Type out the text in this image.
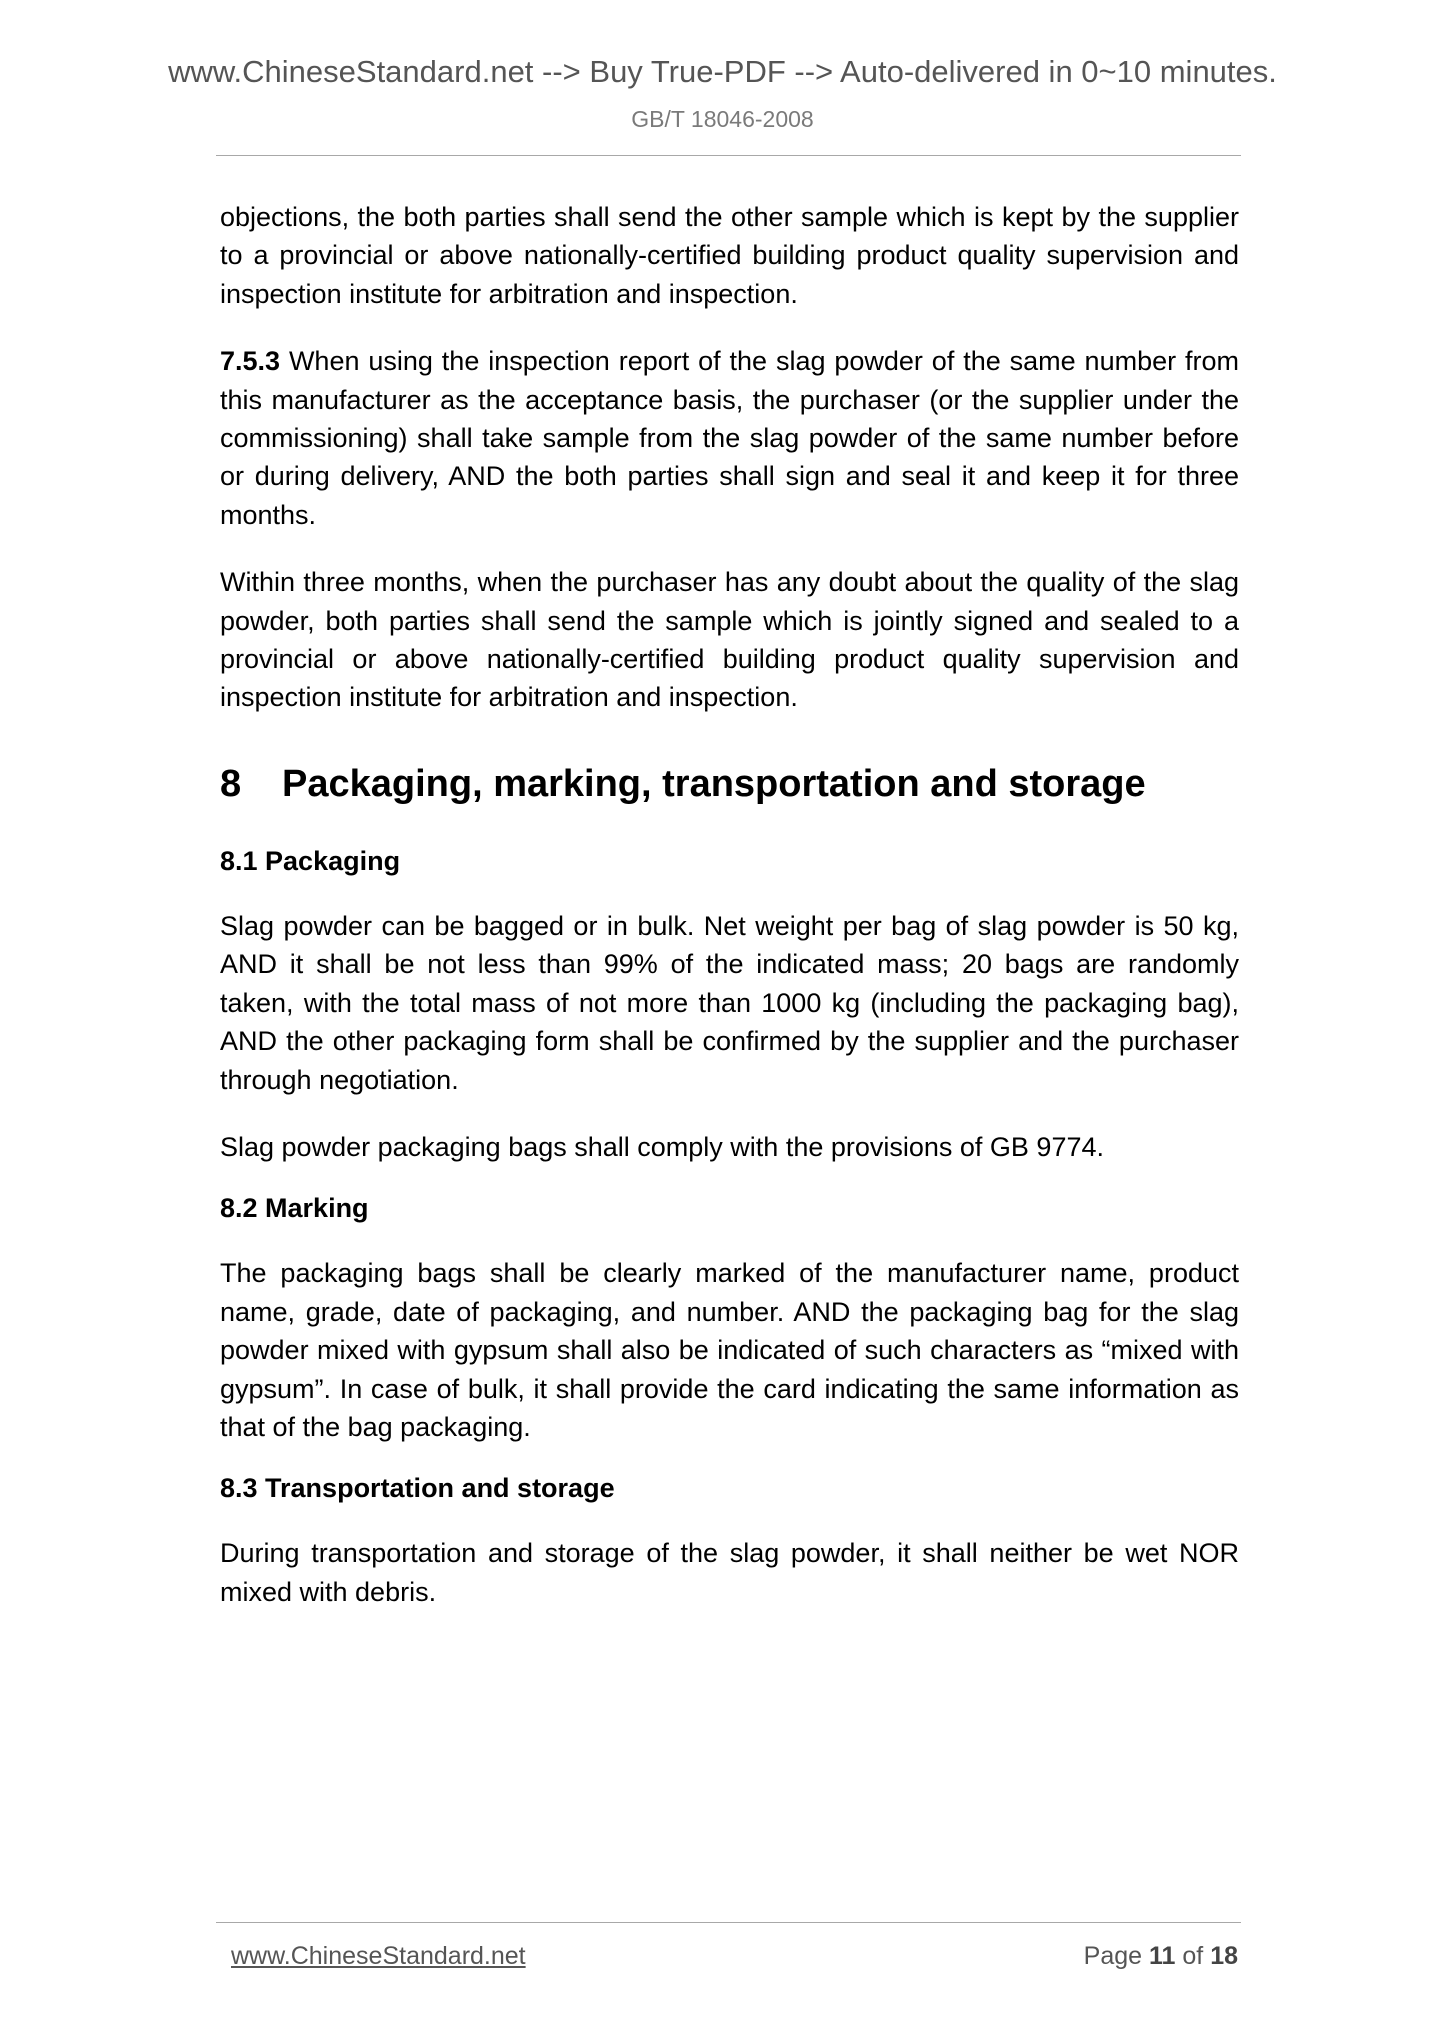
www.ChineseStandard.net --> Buy True-PDF --> Auto-delivered in 0~10 minutes.
GB/T 18046-2008

objections, the both parties shall send the other sample which is kept by the supplier to a provincial or above nationally-certified building product quality supervision and inspection institute for arbitration and inspection.

7.5.3 When using the inspection report of the slag powder of the same number from this manufacturer as the acceptance basis, the purchaser (or the supplier under the commissioning) shall take sample from the slag powder of the same number before or during delivery, AND the both parties shall sign and seal it and keep it for three months.

Within three months, when the purchaser has any doubt about the quality of the slag powder, both parties shall send the sample which is jointly signed and sealed to a provincial or above nationally-certified building product quality supervision and inspection institute for arbitration and inspection.

8 Packaging, marking, transportation and storage
8.1 Packaging

Slag powder can be bagged or in bulk. Net weight per bag of slag powder is 50 kg, AND it shall be not less than 99% of the indicated mass; 20 bags are randomly taken, with the total mass of not more than 1000 kg (including the packaging bag), AND the other packaging form shall be confirmed by the supplier and the purchaser through negotiation.

Slag powder packaging bags shall comply with the provisions of GB 9774.

8.2 Marking

The packaging bags shall be clearly marked of the manufacturer name, product name, grade, date of packaging, and number. AND the packaging bag for the slag powder mixed with gypsum shall also be indicated of such characters as “mixed with gypsum”. In case of bulk, it shall provide the card indicating the same information as that of the bag packaging.

8.3 Transportation and storage

During transportation and storage of the slag powder, it shall neither be wet NOR mixed with debris.

www.ChineseStandard.net	Page 11 of 18
